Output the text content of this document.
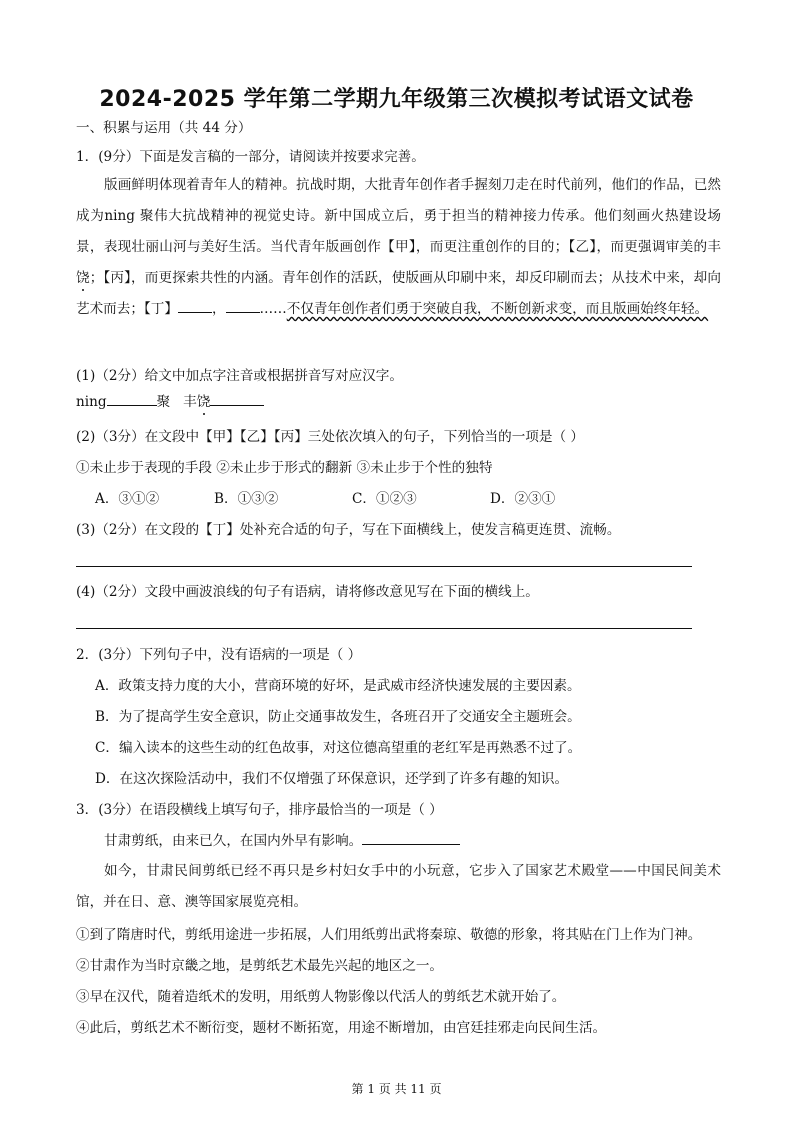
2024-2025 学年第二学期九年级第三次模拟考试语文试卷
一、积累与运用（共 44 分）
1．(9分）下面是发言稿的一部分，请阅读并按要求完善。
版画鲜明体现着青年人的精神。抗战时期，大批青年创作者手握刻刀走在时代前列，他们的作品，已然成为ning 聚伟大抗战精神的视觉史诗。新中国成立后，勇于担当的精神接力传承。他们刻画火热建设场景，表现壮丽山河与美好生活。当代青年版画创作【甲】，而更注重创作的目的；【乙】，而更强调审美的丰饶；【丙】，而更探索共性的内涵。青年创作的活跃，使版画从印刷中来，却反印刷而去；从技术中来，却向艺术而去；【丁】	，	……不仅青年创作者们勇于突破自我，不断创新求变，而且版画始终年轻。
(1)（2分）给文中加点字注音或根据拼音写对应汉字。
ning	聚 丰饶
(2)（3分）在文段中【甲】【乙】【丙】三处依次填入的句子，下列恰当的一项是（ ）
①未止步于表现的手段 ②未止步于形式的翻新 ③未止步于个性的独特
A．③①②	B．①③②	C．①②③	D．②③①
(3)（2分）在文段的【丁】处补充合适的句子，写在下面横线上，使发言稿更连贯、流畅。
(4)（2分）文段中画波浪线的句子有语病，请将修改意见写在下面的横线上。
2．(3分）下列句子中，没有语病的一项是（ ）
A．政策支持力度的大小，营商环境的好坏，是武威市经济快速发展的主要因素。
B．为了提高学生安全意识，防止交通事故发生，各班召开了交通安全主题班会。
C．编入读本的这些生动的红色故事，对这位德高望重的老红军是再熟悉不过了。
D．在这次探险活动中，我们不仅增强了环保意识，还学到了许多有趣的知识。
3．(3分）在语段横线上填写句子，排序最恰当的一项是（ ）
甘肃剪纸，由来已久，在国内外早有影响。
如今，甘肃民间剪纸已经不再只是乡村妇女手中的小玩意，它步入了国家艺术殿堂——中国民间美术馆，并在日、意、澳等国家展览亮相。
①到了隋唐时代，剪纸用途进一步拓展，人们用纸剪出武将秦琼、敬德的形象，将其贴在门上作为门神。
②甘肃作为当时京畿之地，是剪纸艺术最先兴起的地区之一。
③早在汉代，随着造纸术的发明，用纸剪人物影像以代活人的剪纸艺术就开始了。
④此后，剪纸艺术不断衍变，题材不断拓宽，用途不断增加，由宫廷挂邪走向民间生活。
第 1 页 共 11 页
